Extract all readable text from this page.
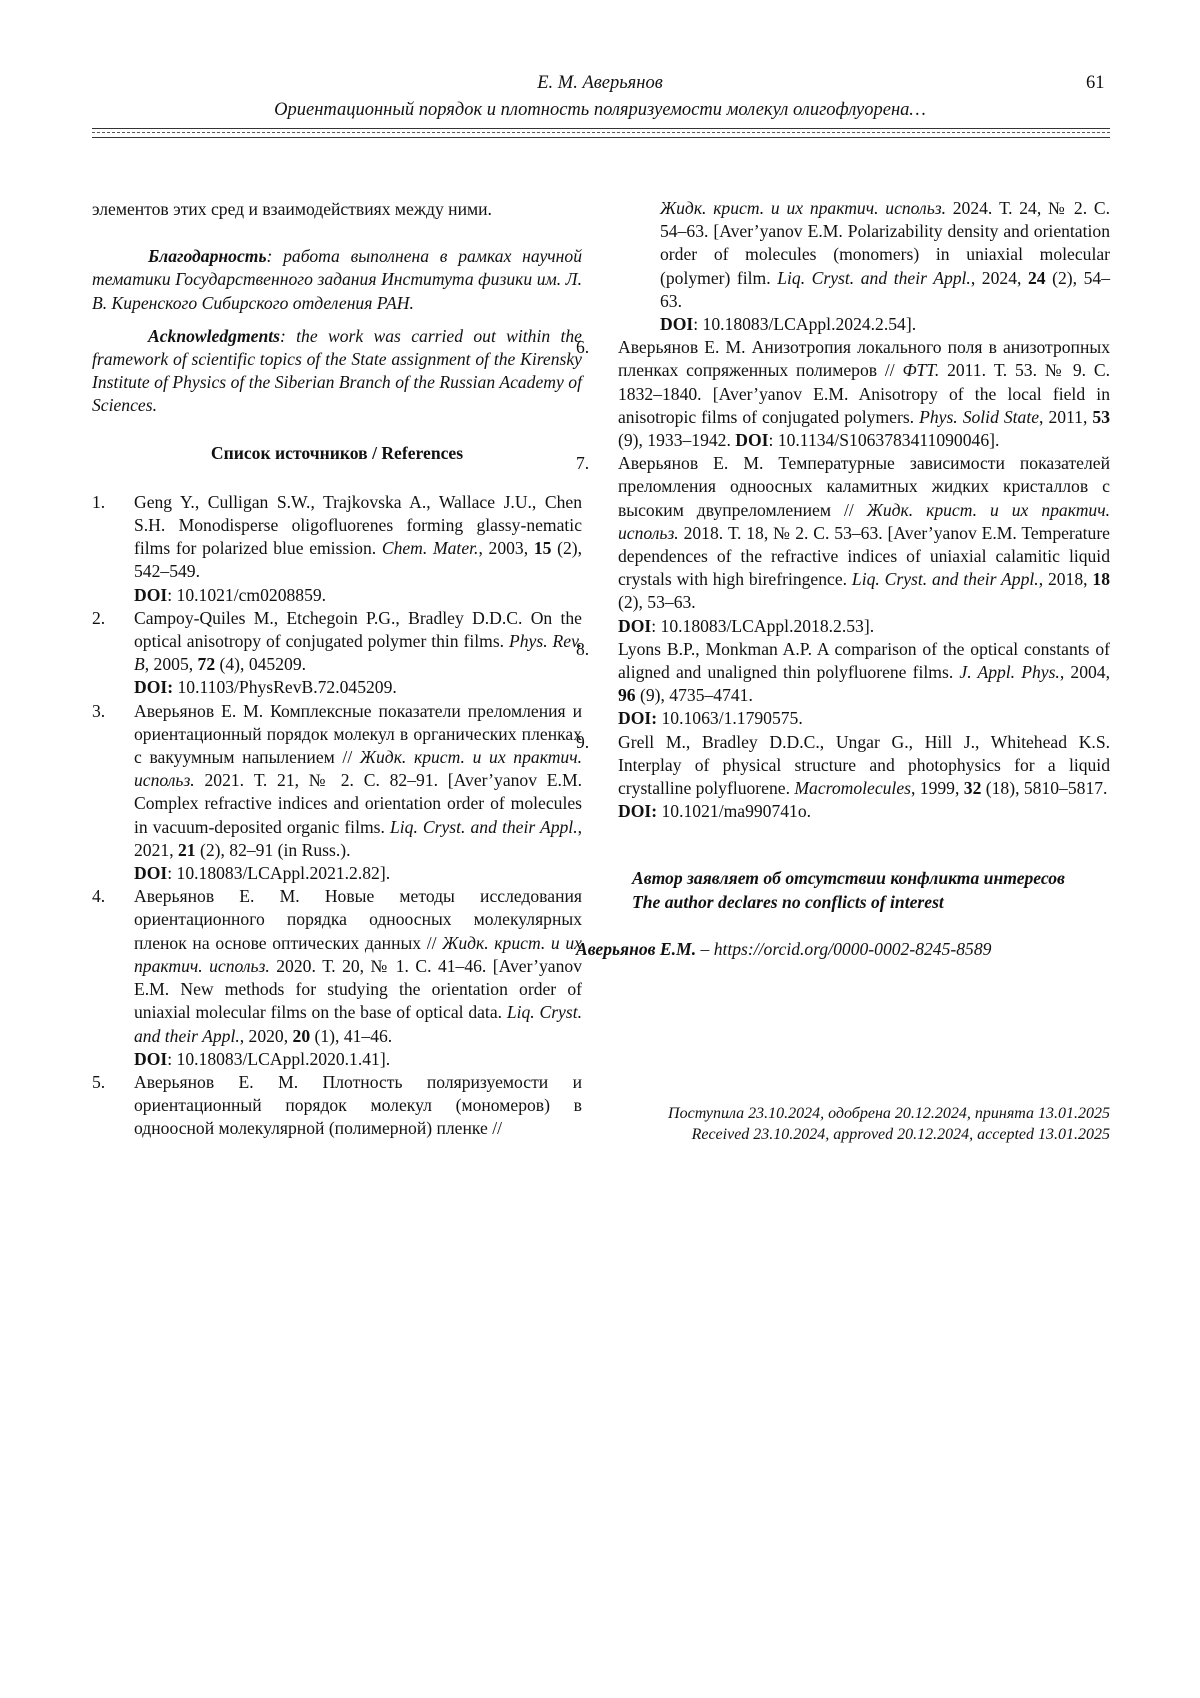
Е. М. Аверьянов	61
Ориентационный порядок и плотность поляризуемости молекул олигофлуорена…

элементов этих сред и взаимодействиях между ними.

Благодарность: работа выполнена в рамках научной тематики Государственного задания Института физики им. Л. В. Киренского Сибирского отделения РАН.

Acknowledgments: the work was carried out within the framework of scientific topics of the State assignment of the Kirensky Institute of Physics of the Siberian Branch of the Russian Academy of Sciences.

Список источников / References

1.	Geng Y., Culligan S.W., Trajkovska A., Wallace J.U., Chen S.H. Monodisperse oligofluorenes forming glassy-nematic films for polarized blue emission. Chem. Mater., 2003, 15 (2), 542–549.
DOI: 10.1021/cm0208859.
2.	Campoy-Quiles M., Etchegoin P.G., Bradley D.D.C. On the optical anisotropy of conjugated polymer thin films. Phys. Rev. B, 2005, 72 (4), 045209.
DOI: 10.1103/PhysRevB.72.045209.
3.	Аверьянов Е. М. Комплексные показатели преломления и ориентационный порядок молекул в органических пленках с вакуумным напылением // Жидк. крист. и их практич. использ. 2021. Т. 21, № 2. С. 82–91. [Aver’yanov E.M. Complex refractive indices and orientation order of molecules in vacuum-deposited organic films. Liq. Cryst. and their Appl., 2021, 21 (2), 82–91 (in Russ.).
DOI: 10.18083/LCAppl.2021.2.82].
4.	Аверьянов Е. М. Новые методы исследования ориентационного порядка одноосных молекулярных пленок на основе оптических данных // Жидк. крист. и их практич. использ. 2020. Т. 20, № 1. С. 41–46. [Aver’yanov E.M. New methods for studying the orientation order of uniaxial molecular films on the base of optical data. Liq. Cryst. and their Appl., 2020, 20 (1), 41–46.
DOI: 10.18083/LCAppl.2020.1.41].
5.	Аверьянов Е. М. Плотность поляризуемости и ориентационный порядок молекул (мономеров) в одноосной молекулярной (полимерной) пленке //
Жидк. крист. и их практич. использ. 2024. Т. 24, № 2. С. 54–63. [Aver’yanov E.M. Polarizability density and orientation order of molecules (monomers) in uniaxial molecular (polymer) film. Liq. Cryst. and their Appl., 2024, 24 (2), 54–63.
DOI: 10.18083/LCAppl.2024.2.54].
6.	Аверьянов Е. М. Анизотропия локального поля в анизотропных пленках сопряженных полимеров // ФТТ. 2011. Т. 53. № 9. С. 1832–1840. [Aver’yanov E.M. Anisotropy of the local field in anisotropic films of conjugated polymers. Phys. Solid State, 2011, 53 (9), 1933–1942. DOI: 10.1134/S1063783411090046].
7.	Аверьянов Е. М. Температурные зависимости показателей преломления одноосных каламитных жидких кристаллов с высоким двупреломлением // Жидк. крист. и их практич. использ. 2018. Т. 18, № 2. С. 53–63. [Aver’yanov E.M. Temperature dependences of the refractive indices of uniaxial calamitic liquid crystals with high birefringence. Liq. Cryst. and their Appl., 2018, 18 (2), 53–63.
DOI: 10.18083/LCAppl.2018.2.53].
8.	Lyons B.P., Monkman A.P. A comparison of the optical constants of aligned and unaligned thin polyfluorene films. J. Appl. Phys., 2004, 96 (9), 4735–4741.
DOI: 10.1063/1.1790575.
9.	Grell M., Bradley D.D.C., Ungar G., Hill J., Whitehead K.S. Interplay of physical structure and photophysics for a liquid crystalline polyfluorene. Macromolecules, 1999, 32 (18), 5810–5817.
DOI: 10.1021/ma990741o.
Автор заявляет об отсутствии конфликта интересов
The author declares no conflicts of interest
Аверьянов Е.М. – https://orcid.org/0000-0002-8245-8589
Поступила 23.10.2024, одобрена 20.12.2024, принята 13.01.2025
Received 23.10.2024, approved 20.12.2024, accepted 13.01.2025
